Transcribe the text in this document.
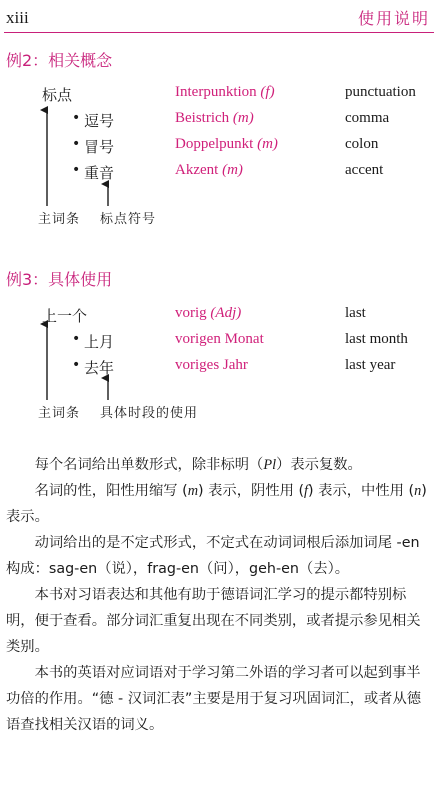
xiii	使用说明
例2：相关概念
标点	Interpunktion (f)	punctuation
• 逗号	Beistrich (m)	comma
• 冒号	Doppelpunkt (m)	colon
• 重音	Akzent (m)	accent
主词条 标点符号
例3：具体使用
上一个	vorig (Adj)	last
• 上月	vorigen Monat	last month
• 去年	voriges Jahr	last year
主词条 具体时段的使用

每个名词给出单数形式，除非标明（Pl）表示复数。

名词的性，阳性用缩写 (m) 表示，阴性用 (f) 表示，中性用 (n) 表示。

动词给出的是不定式形式，不定式在动词词根后添加词尾 -en 构成：sag-en（说），frag-en（问），geh-en（去）。

本书对习语表达和其他有助于德语词汇学习的提示都特别标明，便于查看。部分词汇重复出现在不同类别，或者提示参见相关类别。

本书的英语对应词语对于学习第二外语的学习者可以起到事半功倍的作用。“德 - 汉词汇表”主要是用于复习巩固词汇，或者从德语查找相关汉语的词义。
